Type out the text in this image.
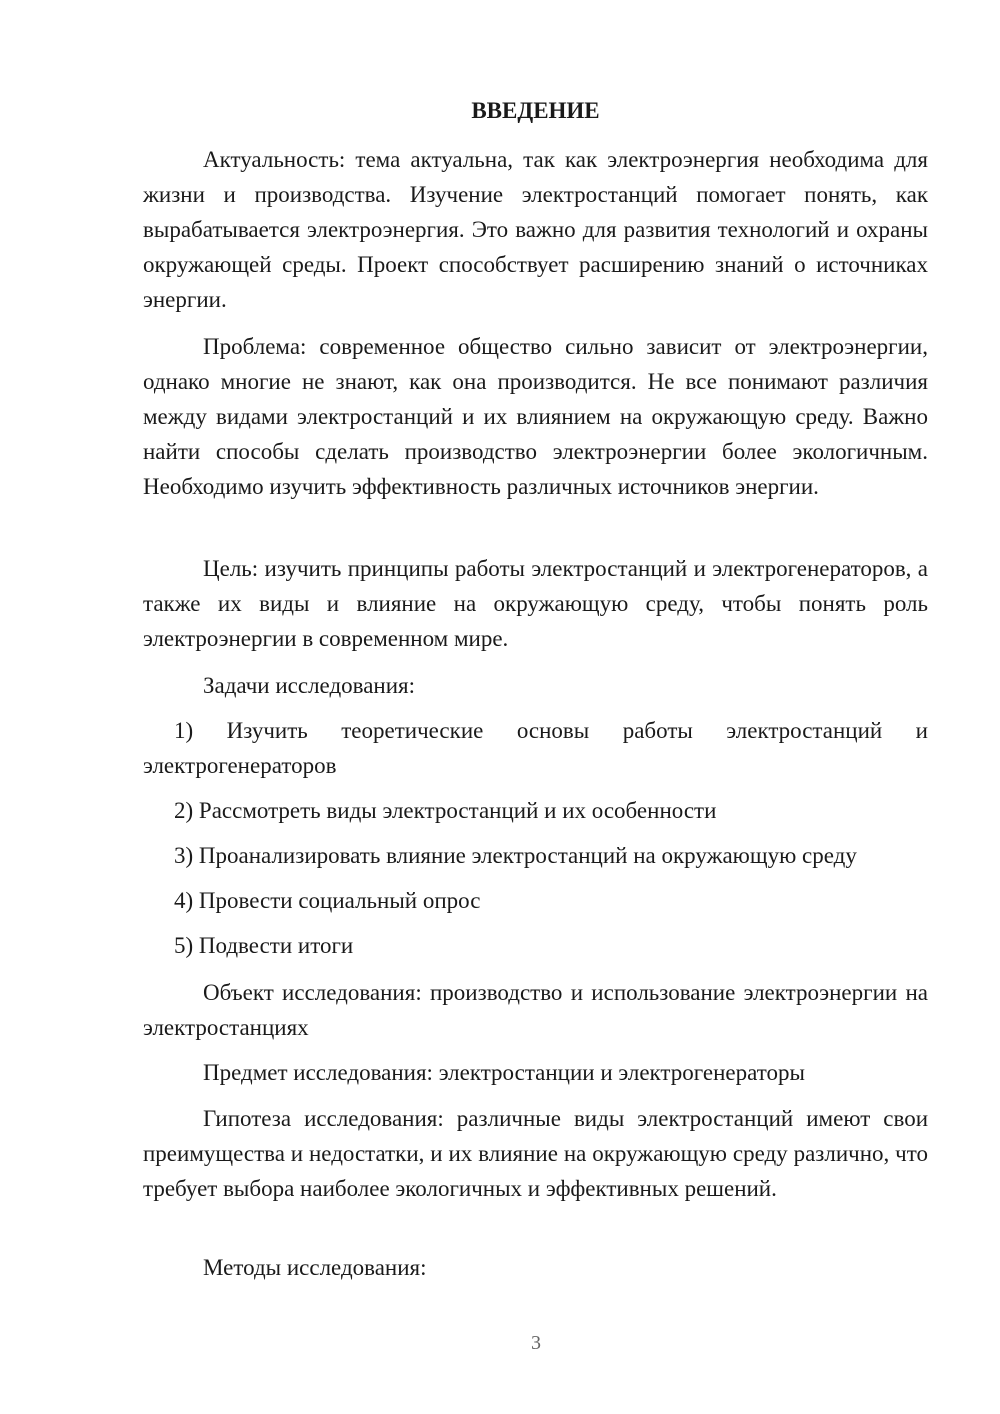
ВВЕДЕНИЕ

Актуальность: тема актуальна, так как электроэнергия необходима для жизни и производства. Изучение электростанций помогает понять, как вырабатывается электроэнергия. Это важно для развития технологий и охраны окружающей среды. Проект способствует расширению знаний о источниках энергии.

Проблема: современное общество сильно зависит от электроэнергии, однако многие не знают, как она производится. Не все понимают различия между видами электростанций и их влиянием на окружающую среду. Важно найти способы сделать производство электроэнергии более экологичным. Необходимо изучить эффективность различных источников энергии.

Цель: изучить принципы работы электростанций и электрогенераторов, а также их виды и влияние на окружающую среду, чтобы понять роль электроэнергии в современном мире.

Задачи исследования:

1) Изучить теоретические основы работы электростанций и электрогенераторов

2) Рассмотреть виды электростанций и их особенности

3) Проанализировать влияние электростанций на окружающую среду

4) Провести социальный опрос

5) Подвести итоги

Объект исследования: производство и использование электроэнергии на электростанциях

Предмет исследования: электростанции и электрогенераторы

Гипотеза исследования: различные виды электростанций имеют свои преимущества и недостатки, и их влияние на окружающую среду различно, что требует выбора наиболее экологичных и эффективных решений.

Методы исследования:

3
